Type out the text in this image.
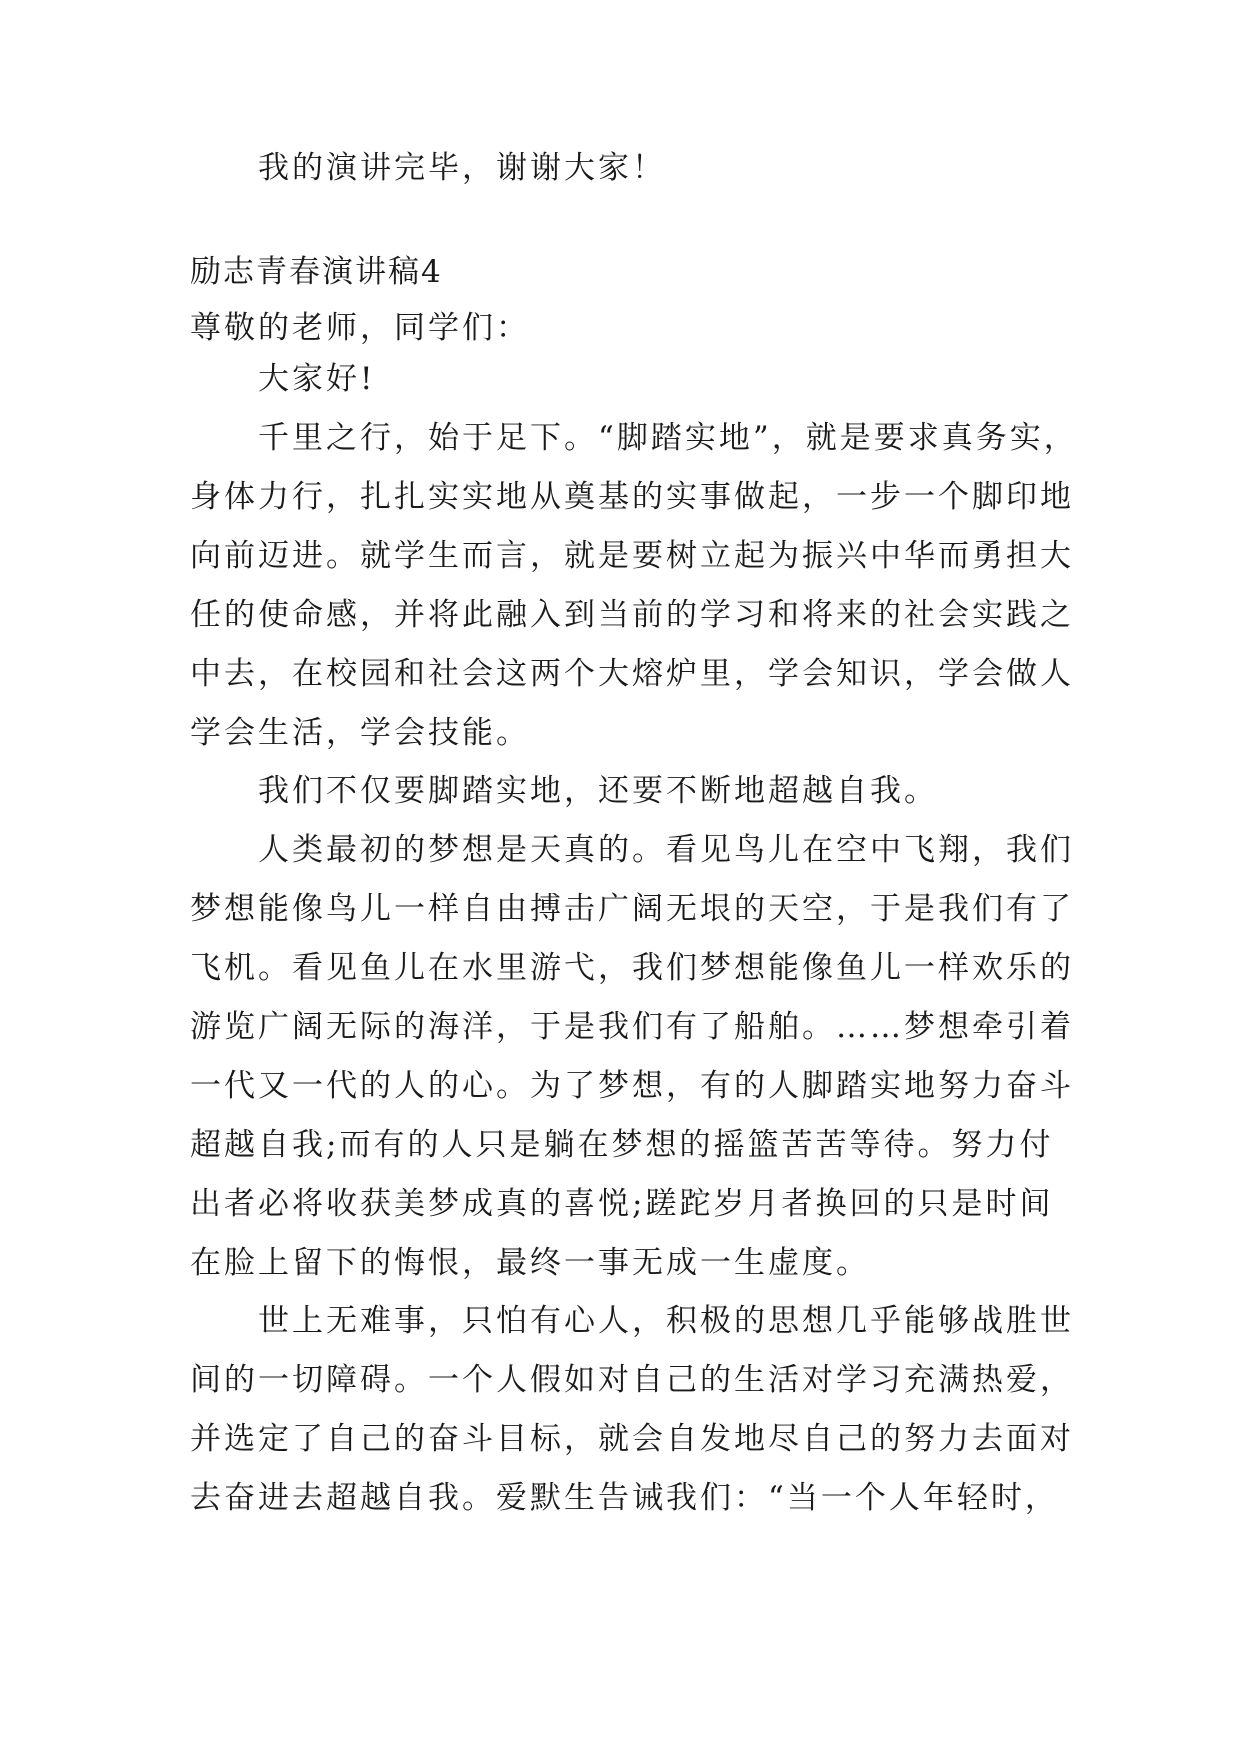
我的演讲完毕，谢谢大家！

励志青春演讲稿4

尊敬的老师，同学们：

大家好!

千里之行，始于足下。“脚踏实地”，就是要求真务实，

身体力行，扎扎实实地从奠基的实事做起，一步一个脚印地

向前迈进。就学生而言，就是要树立起为振兴中华而勇担大

任的使命感，并将此融入到当前的学习和将来的社会实践之

中去，在校园和社会这两个大熔炉里，学会知识，学会做人

学会生活，学会技能。

我们不仅要脚踏实地，还要不断地超越自我。

人类最初的梦想是天真的。看见鸟儿在空中飞翔，我们

梦想能像鸟儿一样自由搏击广阔无垠的天空，于是我们有了

飞机。看见鱼儿在水里游弋，我们梦想能像鱼儿一样欢乐的

游览广阔无际的海洋，于是我们有了船舶。……梦想牵引着

一代又一代的人的心。为了梦想，有的人脚踏实地努力奋斗

超越自我;而有的人只是躺在梦想的摇篮苦苦等待。努力付

出者必将收获美梦成真的喜悦;蹉跎岁月者换回的只是时间

在脸上留下的悔恨，最终一事无成一生虚度。

世上无难事，只怕有心人，积极的思想几乎能够战胜世

间的一切障碍。一个人假如对自己的生活对学习充满热爱，

并选定了自己的奋斗目标，就会自发地尽自己的努力去面对

去奋进去超越自我。爱默生告诫我们：“当一个人年轻时，
